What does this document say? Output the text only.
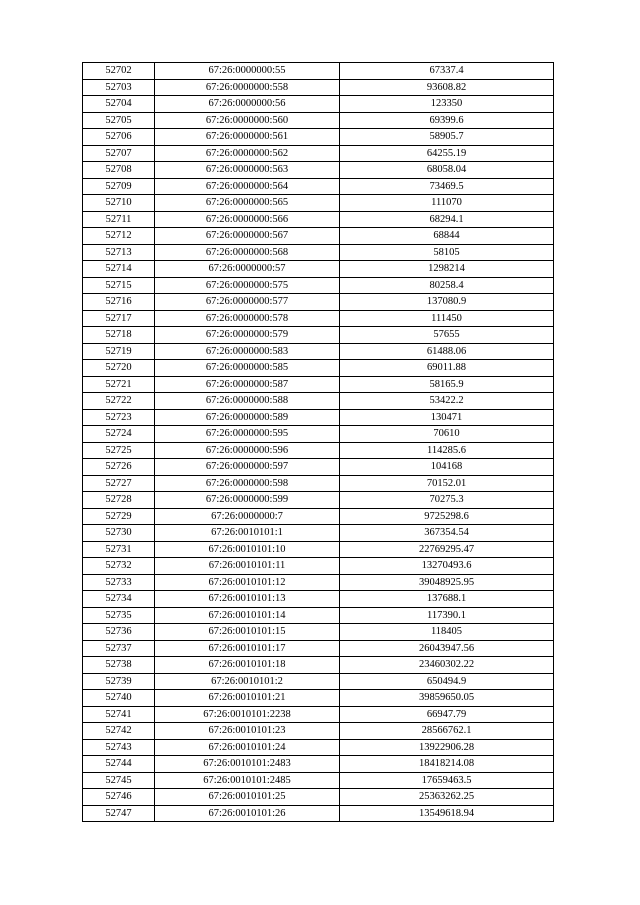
52702	67:26:0000000:55	67337.4
52703	67:26:0000000:558	93608.82
52704	67:26:0000000:56	123350
52705	67:26:0000000:560	69399.6
52706	67:26:0000000:561	58905.7
52707	67:26:0000000:562	64255.19
52708	67:26:0000000:563	68058.04
52709	67:26:0000000:564	73469.5
52710	67:26:0000000:565	111070
52711	67:26:0000000:566	68294.1
52712	67:26:0000000:567	68844
52713	67:26:0000000:568	58105
52714	67:26:0000000:57	1298214
52715	67:26:0000000:575	80258.4
52716	67:26:0000000:577	137080.9
52717	67:26:0000000:578	111450
52718	67:26:0000000:579	57655
52719	67:26:0000000:583	61488.06
52720	67:26:0000000:585	69011.88
52721	67:26:0000000:587	58165.9
52722	67:26:0000000:588	53422.2
52723	67:26:0000000:589	130471
52724	67:26:0000000:595	70610
52725	67:26:0000000:596	114285.6
52726	67:26:0000000:597	104168
52727	67:26:0000000:598	70152.01
52728	67:26:0000000:599	70275.3
52729	67:26:0000000:7	9725298.6
52730	67:26:0010101:1	367354.54
52731	67:26:0010101:10	22769295.47
52732	67:26:0010101:11	13270493.6
52733	67:26:0010101:12	39048925.95
52734	67:26:0010101:13	137688.1
52735	67:26:0010101:14	117390.1
52736	67:26:0010101:15	118405
52737	67:26:0010101:17	26043947.56
52738	67:26:0010101:18	23460302.22
52739	67:26:0010101:2	650494.9
52740	67:26:0010101:21	39859650.05
52741	67:26:0010101:2238	66947.79
52742	67:26:0010101:23	28566762.1
52743	67:26:0010101:24	13922906.28
52744	67:26:0010101:2483	18418214.08
52745	67:26:0010101:2485	17659463.5
52746	67:26:0010101:25	25363262.25
52747	67:26:0010101:26	13549618.94
